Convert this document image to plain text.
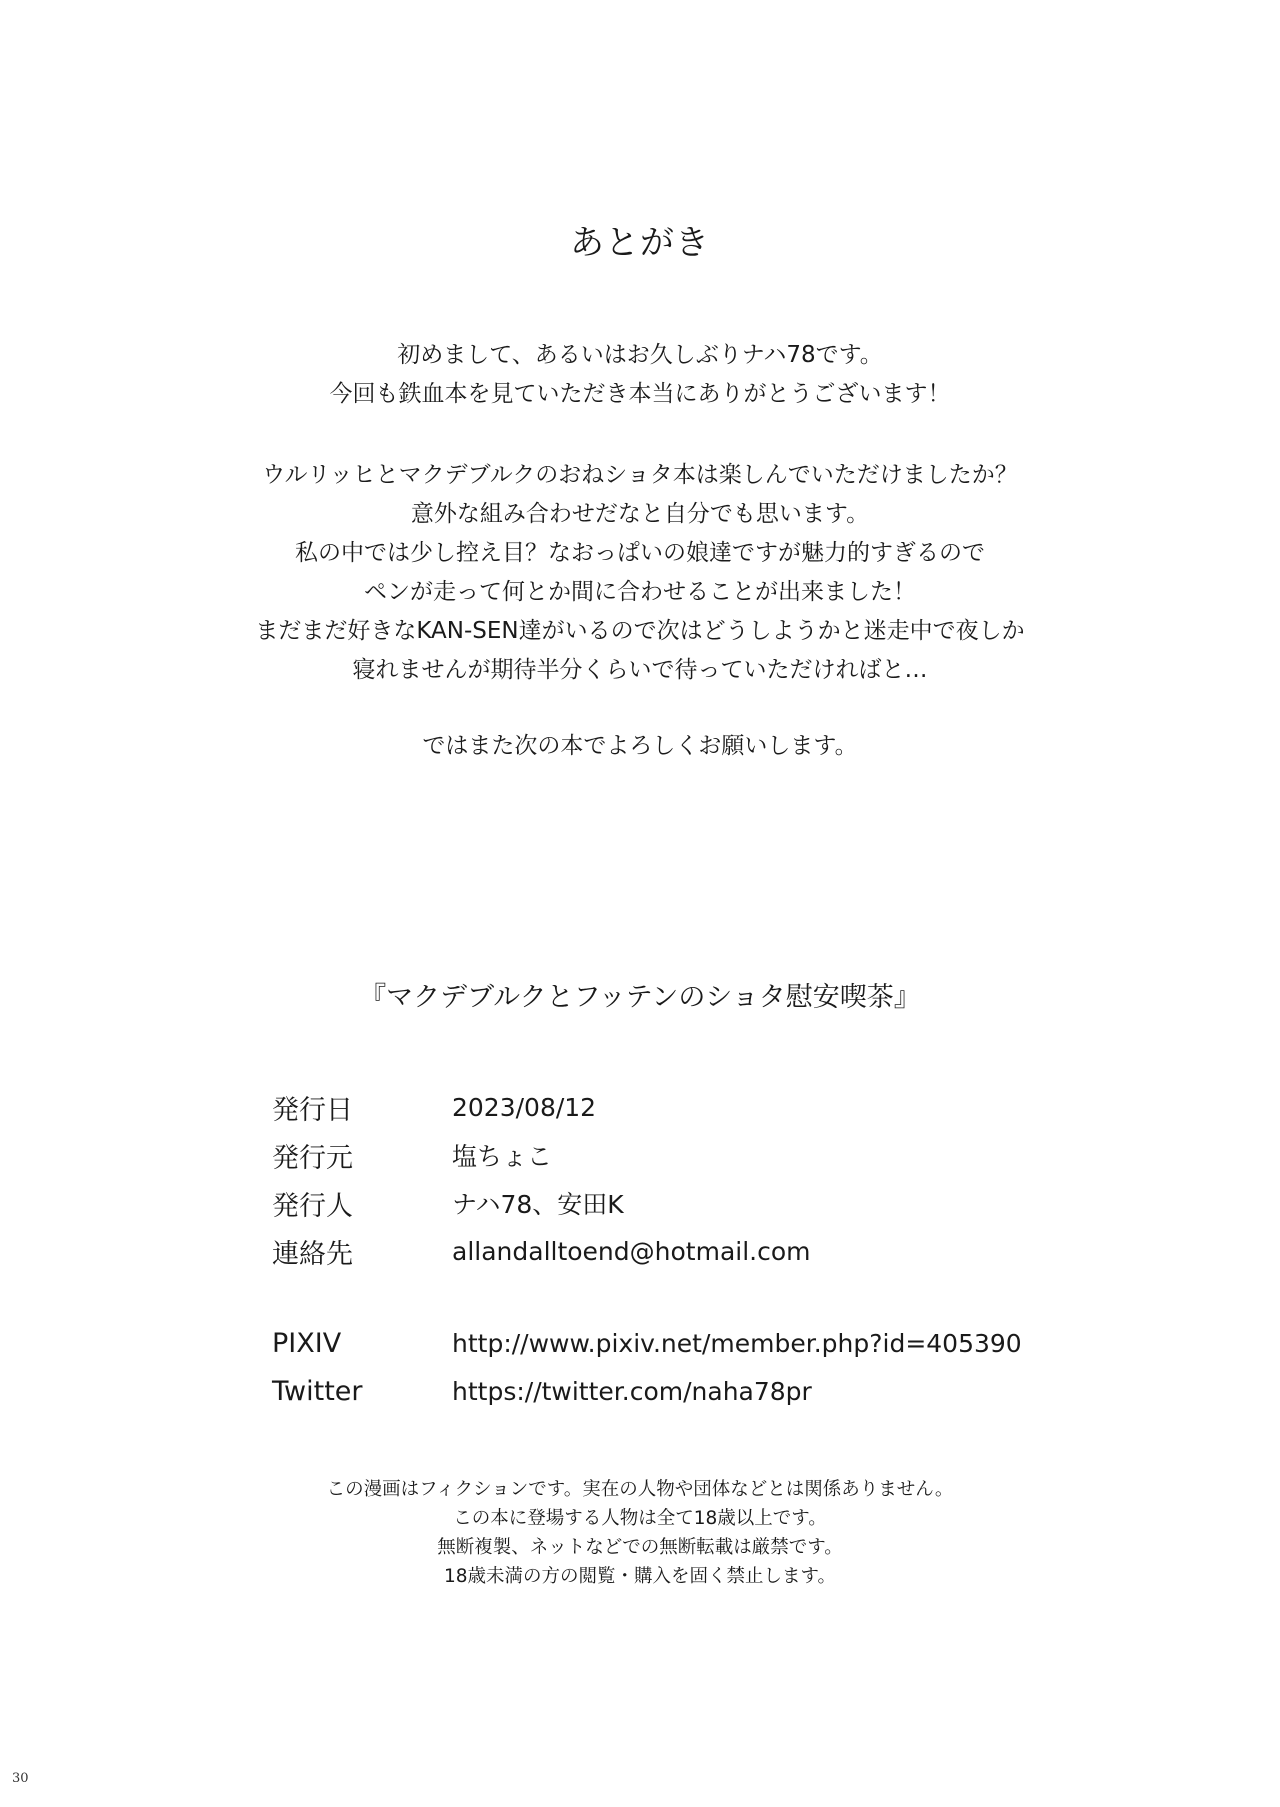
あとがき
初めまして、あるいはお久しぶりナハ78です。
今回も鉄血本を見ていただき本当にありがとうございます！
ウルリッヒとマクデブルクのおねショタ本は楽しんでいただけましたか？
意外な組み合わせだなと自分でも思います。
私の中では少し控え目？なおっぱいの娘達ですが魅力的すぎるので
ペンが走って何とか間に合わせることが出来ました！
まだまだ好きなKAN-SEN達がいるので次はどうしようかと迷走中で夜しか
寝れませんが期待半分くらいで待っていただければと…
ではまた次の本でよろしくお願いします。
『マクデブルクとフッテンのショタ慰安喫茶』
発行日	2023/08/12
発行元	塩ちょこ
発行人	ナハ78、安田K
連絡先	allandalltoend@hotmail.com
PIXIV	http://www.pixiv.net/member.php?id=405390
Twitter	https://twitter.com/naha78pr
この漫画はフィクションです。実在の人物や団体などとは関係ありません。
この本に登場する人物は全て18歳以上です。
無断複製、ネットなどでの無断転載は厳禁です。
18歳未満の方の閲覧・購入を固く禁止します。
30
